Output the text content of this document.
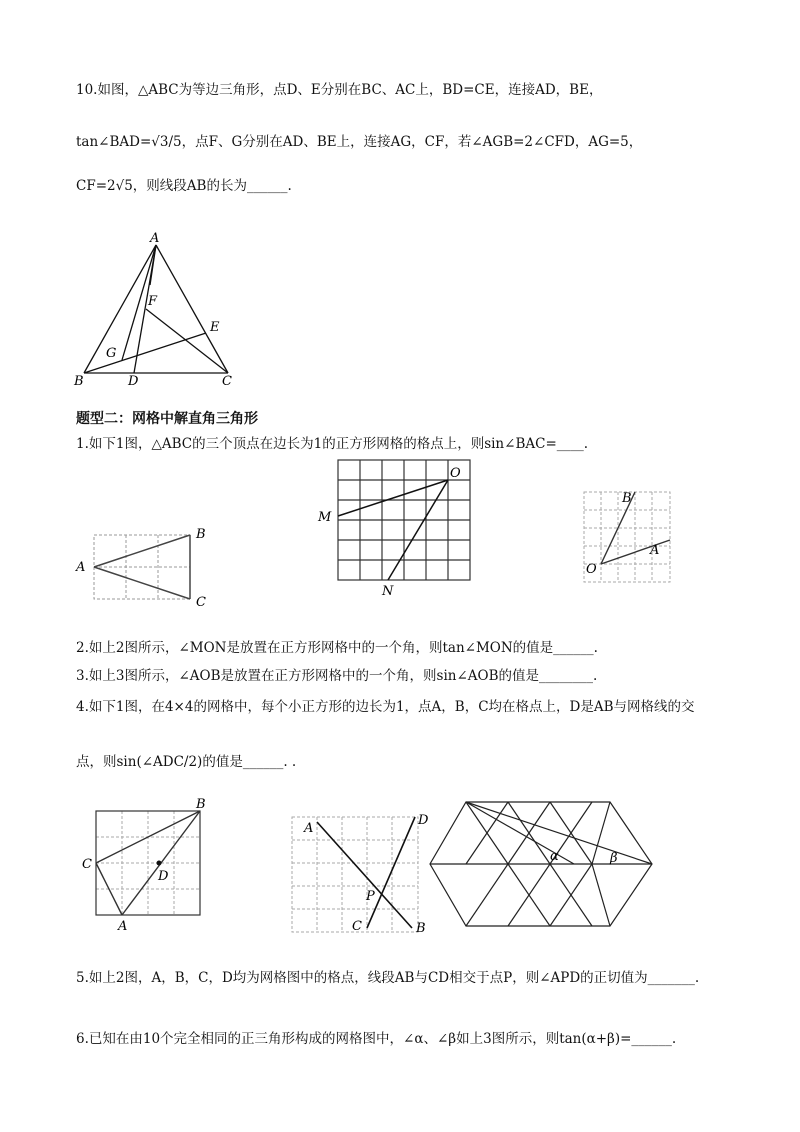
10.如图，△ABC为等边三角形，点D、E分别在BC、AC上，BD=CE，连接AD，BE，
tan∠BAD=√3/5，点F、G分别在AD、BE上，连接AG，CF，若∠AGB=2∠CFD，AG=5，
CF=2√5，则线段AB的长为______.
A
B	C
D
E
F
G
题型二：网格中解直角三角形
1.如下1图，△ABC的三个顶点在边长为1的正方形网格的格点上，则sin∠BAC=____.
A
B
C
M
O
N
B
A
O
2.如上2图所示，∠MON是放置在正方形网格中的一个角，则tan∠MON的值是______.
3.如上3图所示，∠AOB是放置在正方形网格中的一个角，则sin∠AOB的值是________.
4.如下1图，在4×4的网格中，每个小正方形的边长为1，点A，B，C均在格点上，D是AB与网格线的交
点，则sin(∠ADC/2)的值是______. .
B
C
D
A
A
D
P
C	B
α	β
5.如上2图，A，B，C，D均为网格图中的格点，线段AB与CD相交于点P，则∠APD的正切值为_______.
6.已知在由10个完全相同的正三角形构成的网格图中，∠α、∠β如上3图所示，则tan(α+β)=______.
